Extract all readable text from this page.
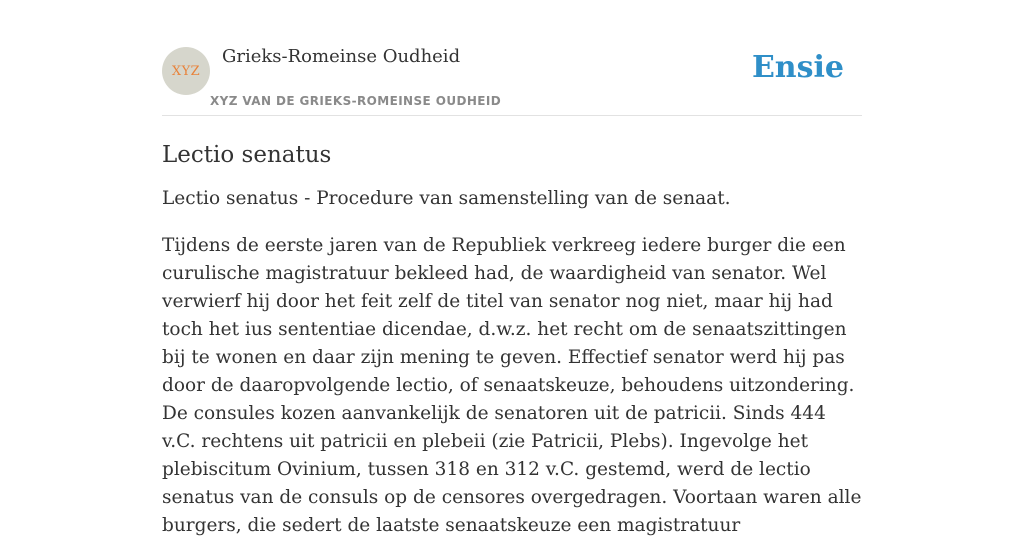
XYZ
Grieks-Romeinse Oudheid
XYZ VAN DE GRIEKS-ROMEINSE OUDHEID
Ensie
Lectio senatus

Lectio senatus - Procedure van samenstelling van de senaat.

Tijdens de eerste jaren van de Republiek verkreeg iedere burger die een curulische magistratuur bekleed had, de waardigheid van senator. Wel verwierf hij door het feit zelf de titel van senator nog niet, maar hij had toch het ius sententiae dicendae, d.w.z. het recht om de senaatszittingen bij te wonen en daar zijn mening te geven. Effectief senator werd hij pas door de daaropvolgende lectio, of senaatskeuze, behoudens uitzondering. De consules kozen aanvankelijk de senatoren uit de patricii. Sinds 444 v.C. rechtens uit patricii en plebeii (zie Patricii, Plebs). Ingevolge het plebiscitum Ovinium, tussen 318 en 312 v.C. gestemd, werd de lectio senatus van de consuls op de censores overgedragen. Voortaan waren alle burgers, die sedert de laatste senaatskeuze een magistratuur
